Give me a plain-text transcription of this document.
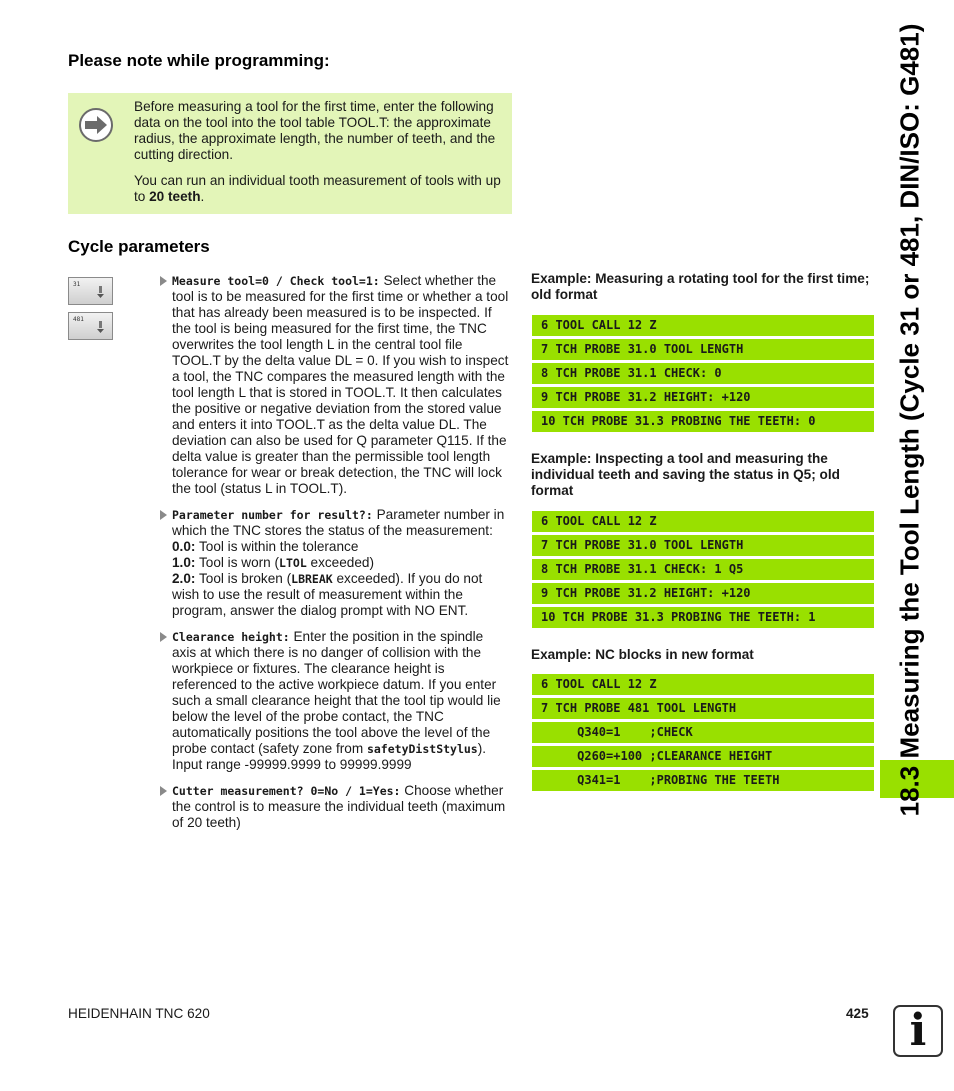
Please note while programming:

Before measuring a tool for the first time, enter the following data on the tool into the tool table TOOL.T: the approximate radius, the approximate length, the number of teeth, and the cutting direction.

You can run an individual tooth measurement of tools with up to 20 teeth.

Cycle parameters
31
481
Measure tool=0 / Check tool=1: Select whether the tool is to be measured for the first time or whether a tool that has already been measured is to be inspected. If the tool is being measured for the first time, the TNC overwrites the tool length L in the central tool file TOOL.T by the delta value DL = 0. If you wish to inspect a tool, the TNC compares the measured length with the tool length L that is stored in TOOL.T. It then calculates the positive or negative deviation from the stored value and enters it into TOOL.T as the delta value DL. The deviation can also be used for Q parameter Q115. If the delta value is greater than the permissible tool length tolerance for wear or break detection, the TNC will lock the tool (status L in TOOL.T).
Parameter number for result?: Parameter number in which the TNC stores the status of the measurement:
0.0: Tool is within the tolerance
1.0: Tool is worn (LTOL exceeded)
2.0: Tool is broken (LBREAK exceeded). If you do not wish to use the result of measurement within the program, answer the dialog prompt with NO ENT.
Clearance height: Enter the position in the spindle axis at which there is no danger of collision with the workpiece or fixtures. The clearance height is referenced to the active workpiece datum. If you enter such a small clearance height that the tool tip would lie below the level of the probe contact, the TNC automatically positions the tool above the level of the probe contact (safety zone from safetyDistStylus). Input range -99999.9999 to 99999.9999
Cutter measurement? 0=No / 1=Yes: Choose whether the control is to measure the individual teeth (maximum of 20 teeth)
Example: Measuring a rotating tool for the first time; old format
6 TOOL CALL 12 Z
7 TCH PROBE 31.0 TOOL LENGTH
8 TCH PROBE 31.1 CHECK: 0
9 TCH PROBE 31.2 HEIGHT: +120
10 TCH PROBE 31.3 PROBING THE TEETH: 0
Example: Inspecting a tool and measuring the individual teeth and saving the status in Q5; old format
6 TOOL CALL 12 Z
7 TCH PROBE 31.0 TOOL LENGTH
8 TCH PROBE 31.1 CHECK: 1 Q5
9 TCH PROBE 31.2 HEIGHT: +120
10 TCH PROBE 31.3 PROBING THE TEETH: 1
Example: NC blocks in new format
6 TOOL CALL 12 Z
7 TCH PROBE 481 TOOL LENGTH
Q340=1    ;CHECK
Q260=+100 ;CLEARANCE HEIGHT
Q341=1    ;PROBING THE TEETH	18.3 Measuring the Tool Length (Cycle 31 or 481, DIN/ISO: G481)
HEIDENHAIN TNC 620	425 i
